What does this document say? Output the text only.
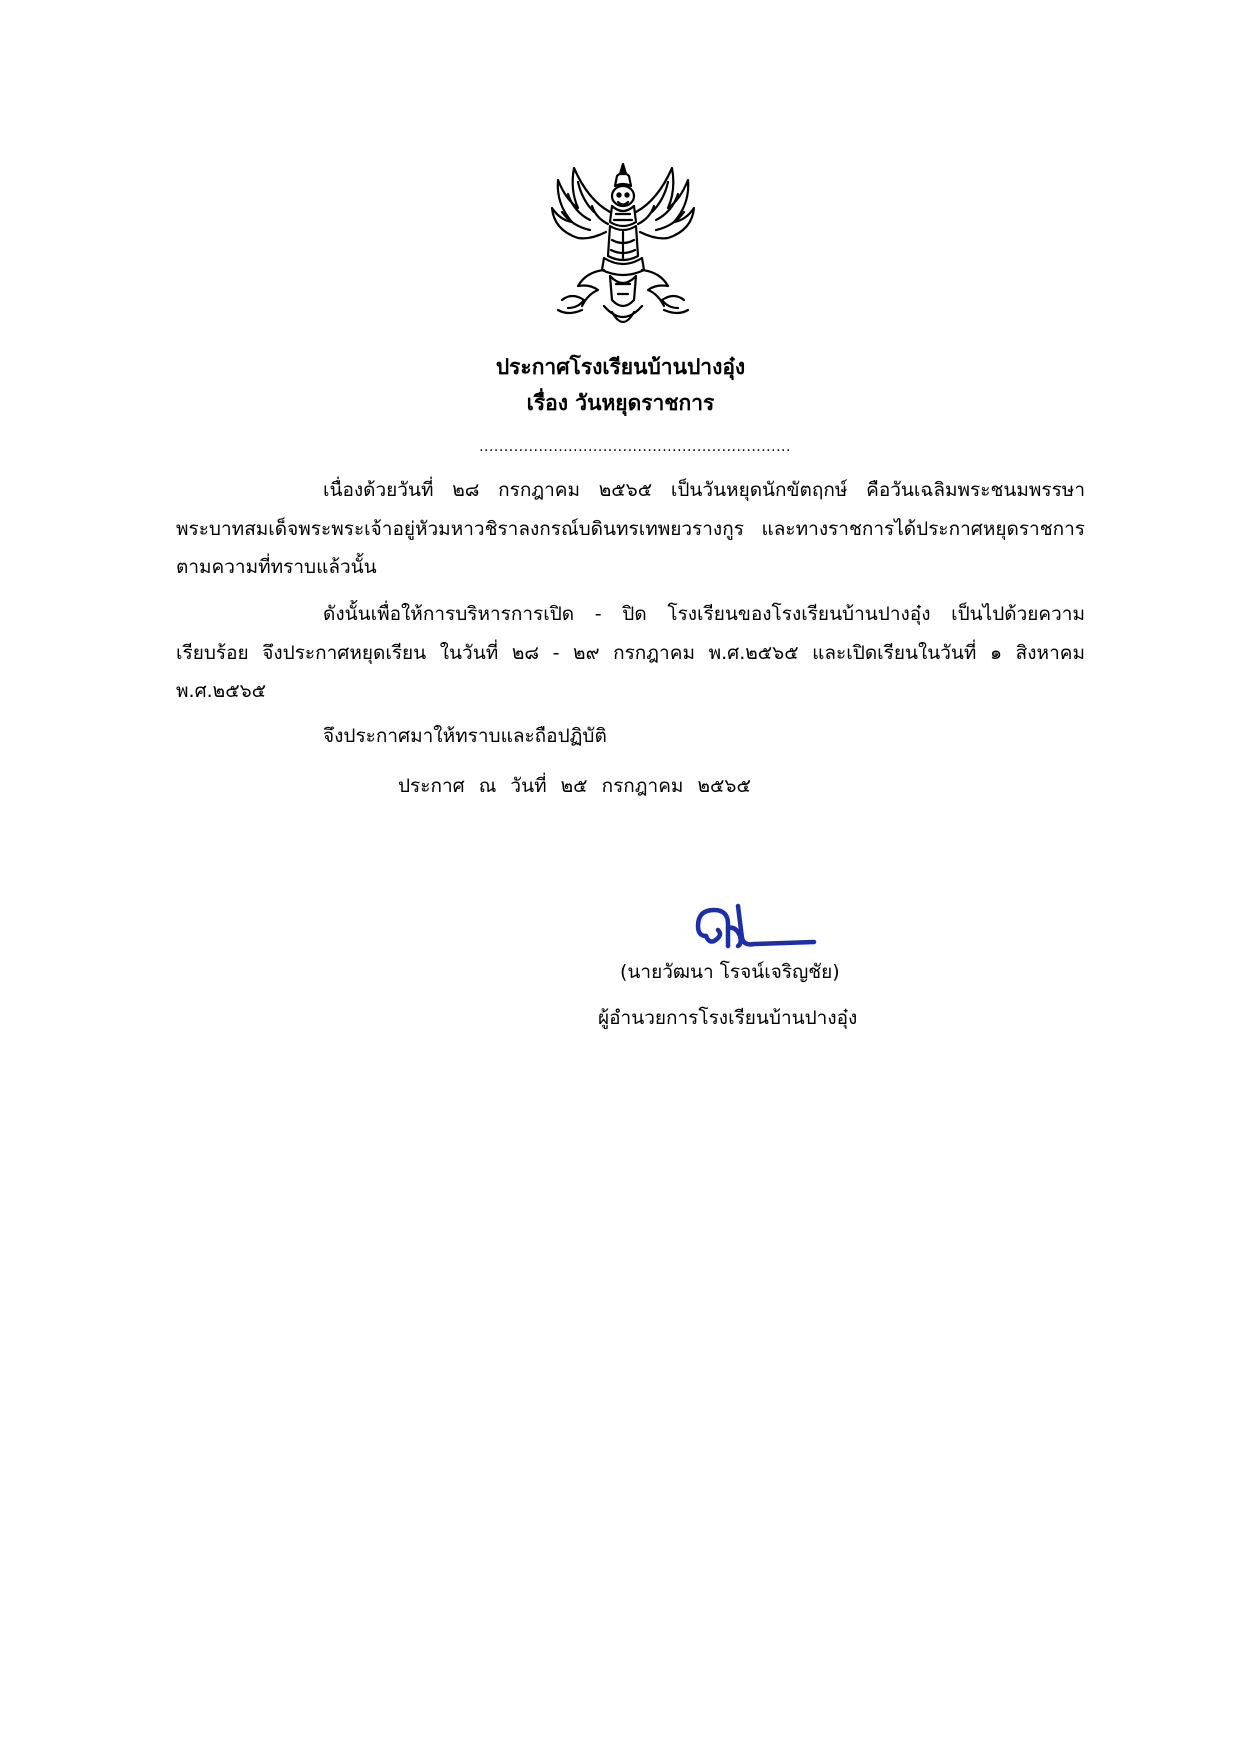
ประกาศโรงเรียนบ้านปางอุ๋ง
เรื่อง วันหยุดราชการ
...............................................................
เนื่องด้วยวันที่ ๒๘ กรกฎาคม ๒๕๖๕ เป็นวันหยุดนักขัตฤกษ์ คือวันเฉลิมพระชนมพรรษา พระบาทสมเด็จพระพระเจ้าอยู่หัวมหาวชิราลงกรณ์บดินทรเทพยวรางกูร และทางราชการได้ประกาศหยุดราชการ ตามความที่ทราบแล้วนั้น
ดังนั้นเพื่อให้การบริหารการเปิด - ปิด โรงเรียนของโรงเรียนบ้านปางอุ๋ง เป็นไปด้วยความเรียบร้อย จึงประกาศหยุดเรียน ในวันที่ ๒๘ - ๒๙ กรกฎาคม พ.ศ.๒๕๖๕ และเปิดเรียนในวันที่ ๑ สิงหาคม พ.ศ.๒๕๖๕
จึงประกาศมาให้ทราบและถือปฏิบัติ
ประกาศ ณ วันที่ ๒๕ กรกฎาคม ๒๕๖๕
(นายวัฒนา โรจน์เจริญชัย)
ผู้อำนวยการโรงเรียนบ้านปางอุ๋ง
